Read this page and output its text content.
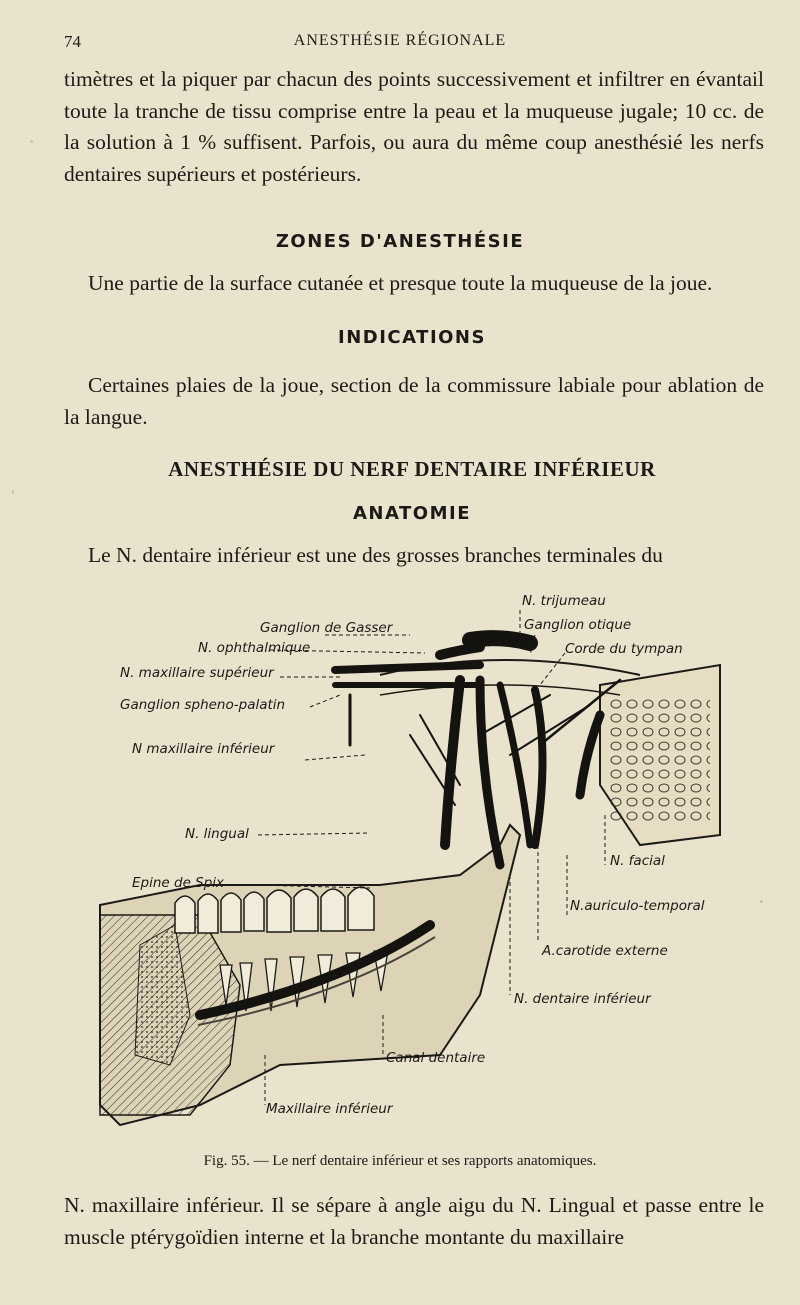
74	ANESTHÉSIE RÉGIONALE

timètres et la piquer par chacun des points successivement et infiltrer en évantail toute la tranche de tissu comprise entre la peau et la muqueuse jugale; 10 cc. de la solution à 1 % suffisent. Parfois, ou aura du même coup anesthésié les nerfs dentaires supérieurs et postérieurs.

ZONES D'ANESTHÉSIE

Une partie de la surface cutanée et presque toute la muqueuse de la joue.

INDICATIONS

Certaines plaies de la joue, section de la commissure labiale pour ablation de la langue.

ANESTHÉSIE DU NERF DENTAIRE INFÉRIEUR
ANATOMIE

Le N. dentaire inférieur est une des grosses branches terminales du

Ganglion de Gasser
N. ophthalmique
N. maxillaire supérieur
Ganglion spheno-palatin
N maxillaire inférieur
N. lingual
Epine de Spix
N. trijumeau
Ganglion otique
Corde du tympan
N. facial
N.auriculo-temporal
A.carotide externe
N. dentaire inférieur
Canal dentaire
Maxillaire inférieur
Fig. 55. — Le nerf dentaire inférieur et ses rapports anatomiques.

N. maxillaire inférieur. Il se sépare à angle aigu du N. Lingual et passe entre le muscle ptérygoïdien interne et la branche montante du maxillaire
